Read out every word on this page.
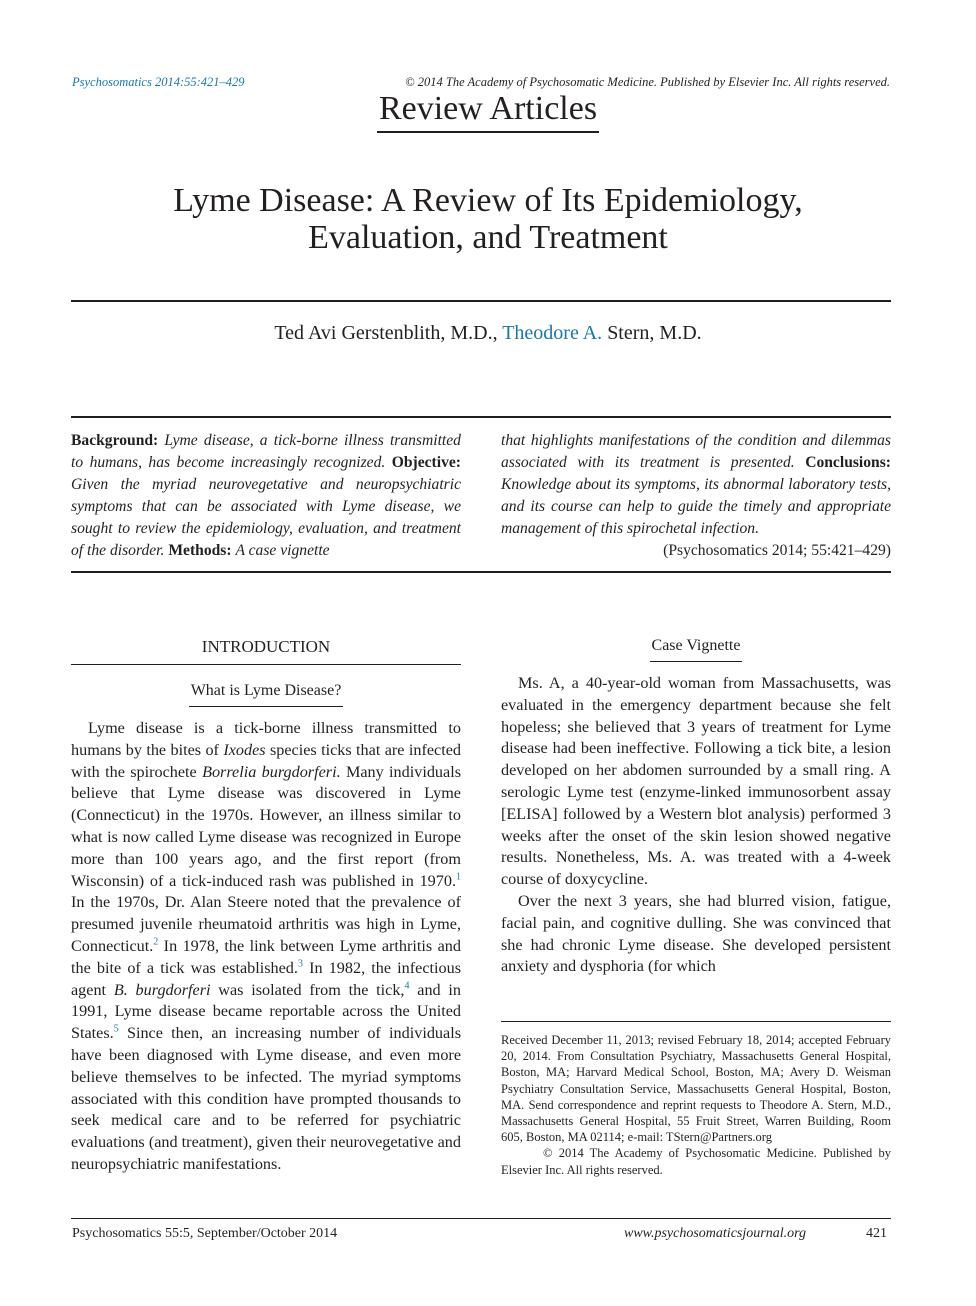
Psychosomatics 2014:55:421–429	© 2014 The Academy of Psychosomatic Medicine. Published by Elsevier Inc. All rights reserved.
Review Articles
Lyme Disease: A Review of Its Epidemiology,
Evaluation, and Treatment
Ted Avi Gerstenblith, M.D., Theodore A. Stern, M.D.
Background: Lyme disease, a tick-borne illness transmitted to humans, has become increasingly recognized. Objective: Given the myriad neurovegetative and neuropsychiatric symptoms that can be associated with Lyme disease, we sought to review the epidemiology, evaluation, and treatment of the disorder. Methods: A case vignette
that highlights manifestations of the condition and dilemmas associated with its treatment is presented. Conclusions: Knowledge about its symptoms, its abnormal laboratory tests, and its course can help to guide the timely and appropriate management of this spirochetal infection.
(Psychosomatics 2014; 55:421–429)
INTRODUCTION
What is Lyme Disease?

Lyme disease is a tick-borne illness transmitted to humans by the bites of Ixodes species ticks that are infected with the spirochete Borrelia burgdorferi. Many individuals believe that Lyme disease was discovered in Lyme (Connecticut) in the 1970s. However, an illness similar to what is now called Lyme disease was recognized in Europe more than 100 years ago, and the first report (from Wisconsin) of a tick-induced rash was published in 1970.$^1$ In the 1970s, Dr. Alan Steere noted that the prevalence of presumed juvenile rheumatoid arthritis was high in Lyme, Connecticut.$^2$ In 1978, the link between Lyme arthritis and the bite of a tick was established.$^3$ In 1982, the infectious agent B. burgdorferi was isolated from the tick,$^4$ and in 1991, Lyme disease became reportable across the United States.$^5$ Since then, an increasing number of individuals have been diagnosed with Lyme disease, and even more believe themselves to be infected. The myriad symptoms associated with this condition have prompted thousands to seek medical care and to be referred for psychiatric evaluations (and treatment), given their neurovegetative and neuropsychiatric manifestations.

Case Vignette

Ms. A, a 40-year-old woman from Massachusetts, was evaluated in the emergency department because she felt hopeless; she believed that 3 years of treatment for Lyme disease had been ineffective. Following a tick bite, a lesion developed on her abdomen surrounded by a small ring. A serologic Lyme test (enzyme-linked immunosorbent assay [ELISA] followed by a Western blot analysis) performed 3 weeks after the onset of the skin lesion showed negative results. Nonetheless, Ms. A. was treated with a 4-week course of doxycycline.

Over the next 3 years, she had blurred vision, fatigue, facial pain, and cognitive dulling. She was convinced that she had chronic Lyme disease. She developed persistent anxiety and dysphoria (for which

Received December 11, 2013; revised February 18, 2014; accepted February 20, 2014. From Consultation Psychiatry, Massachusetts General Hospital, Boston, MA; Harvard Medical School, Boston, MA; Avery D. Weisman Psychiatry Consultation Service, Massachusetts General Hospital, Boston, MA. Send correspondence and reprint requests to Theodore A. Stern, M.D., Massachusetts General Hospital, 55 Fruit Street, Warren Building, Room 605, Boston, MA 02114; e-mail: TStern@Partners.org

© 2014 The Academy of Psychosomatic Medicine. Published by Elsevier Inc. All rights reserved.

Psychosomatics 55:5, September/October 2014	www.psychosomaticsjournal.org	421
